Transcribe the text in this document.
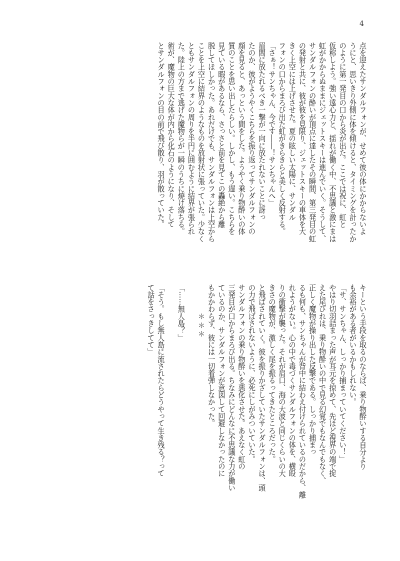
4

点を迎えたサンダルフォンが、せめて彼の体にかからないよ

うにと、思いきり外側に体を傾けると、タイミングを計ったか

のように第一発目の口から炎が出た。ここでは祝に、虹と

仮称しよう。強い遠心力と、揺れが働く中、不思議と激にまは

虹がかからぬままにジェットスキーは進んでいく。そうして、

サンダルフォンの酔いが頂点に達したその瞬間、第三発目の虹

の発射と共に、彼が彼を見限り、ジェットスキーの車体を大

きく上空には上げさせた。夏の眩しい太陽に、サンダル

フォンの口からまろび出た虹がきらきらと美しく反射する。

「さぁ！サンちゃん、今です――！サンちゃんへ」

眉間に放たれるべき一撃が一向に放たれないことに訝っ

たのか、彼がようやくこちらを振り返ってサンダルフォンの

顔を見ると、あっという間をした。ようやく乗り物酔いの体

質のことを思い出したらしい。しかし、もう遅い。こちらを

見ている暇があるなら、さっさと前を見てこの轟絶から離

脱してほしかった。あれだけでも、サンダルフォンは上空から

ことを上空に結界のようなものを放射状に張っていた。少なく

ともサンダルフォンの周りを半円に囲むように結界が張られ

た。陸上の方まで逃げた魔物らが一瞬のうちに焼け落ちる。

術が、魔物の巨大な体が内から化石のようになり、そして

とサンダルフォンの目の前で飛び散り、羽が散っていた。

キーという手段を取るのならば、乗り物酔いする自分より

も余裕がある者がいるかもしれない。

「サ、サンちゃん、しっかり捕まっていてください！」

やはり切羽詰まった声が耳元を掠めて、先ほど視界の端で捉

えた尾びれは、乗り物酔いの中で見る幻覚でもなんでもなく、

正しく魔物が操り出した反撃である。しっかり捕まっ

るも何も、サンちゃんが背中に結わえ付けられているのだから、離

れようがない。心の中で毒づくサンダルフォンの体を、横殴

りの衝撃が襲った。それが肩口、海の大波と同じくらいの大

きさの魔物が、激しく尾を振るってきたところだった。

と飛ばされていく。彼を振りかざしていたサンダルフォンは、頭

の力で飛ばされないように、必死にしがみついていた。

サンダルフォンの乗り物酔いを悪化させた。あえなく虹の

三発目が口からまろび出る。ちなみにどんなに不思議な力が働い

ているのか、サンダルフォンが意図して回避しなかったのに

もかかわらず、彼には一切着弾しなかった。

＊＊＊

「……無人島？」

「そう。もし無人島に流されたらどうやって生き残る？って

て話をさっきしてて」
